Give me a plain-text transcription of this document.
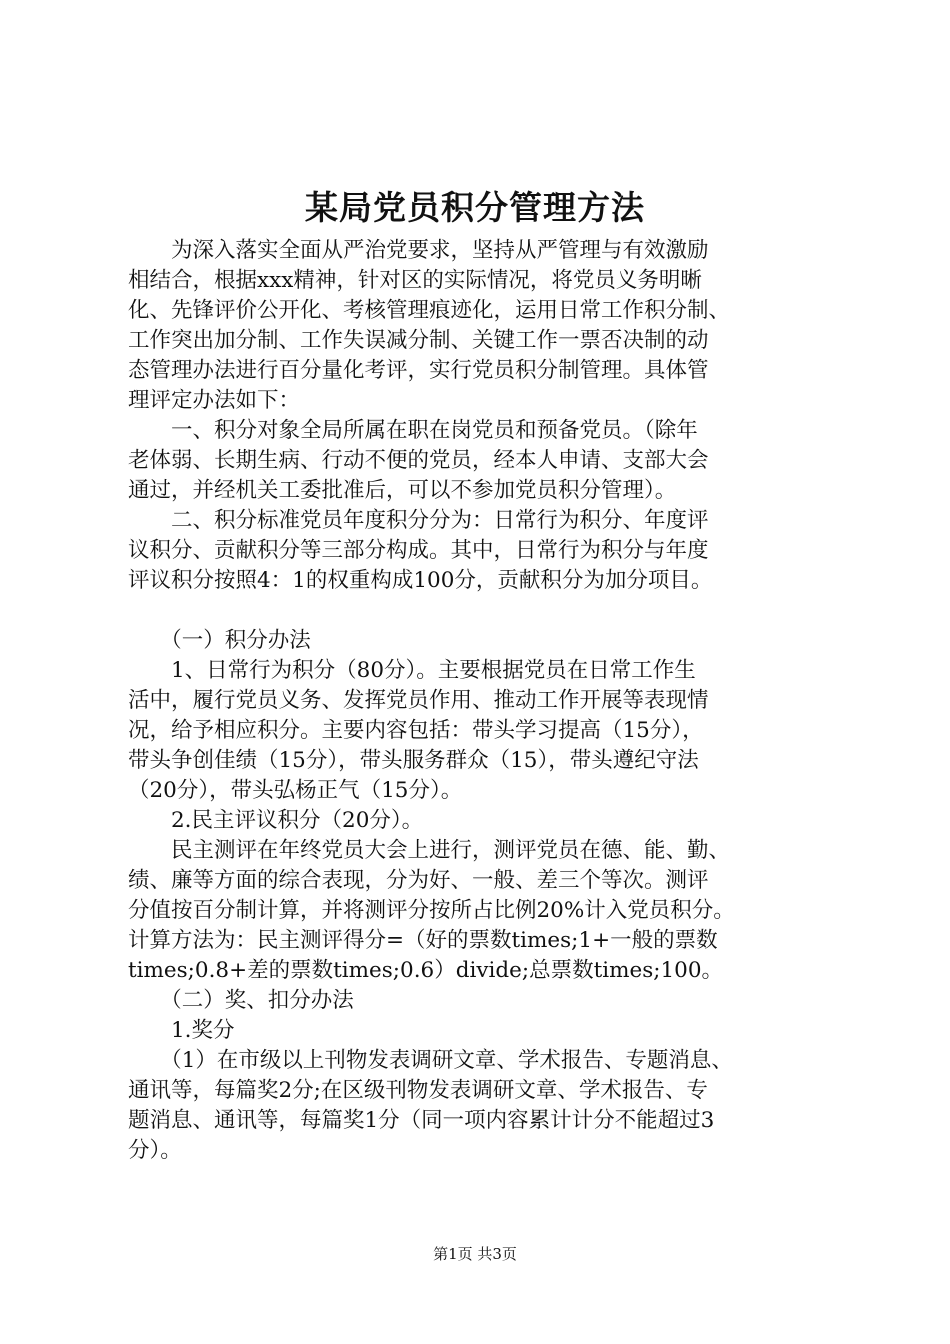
某局党员积分管理方法
　　为深入落实全面从严治党要求，坚持从严管理与有效激励
相结合，根据xxx精神，针对区的实际情况，将党员义务明晰
化、先锋评价公开化、考核管理痕迹化，运用日常工作积分制、
工作突出加分制、工作失误减分制、关键工作一票否决制的动
态管理办法进行百分量化考评，实行党员积分制管理。具体管
理评定办法如下：
　　一、积分对象全局所属在职在岗党员和预备党员。（除年
老体弱、长期生病、行动不便的党员，经本人申请、支部大会
通过，并经机关工委批准后，可以不参加党员积分管理）。
　　二、积分标准党员年度积分分为：日常行为积分、年度评
议积分、贡献积分等三部分构成。其中，日常行为积分与年度
评议积分按照4：1的权重构成100分，贡献积分为加分项目。
　　（一）积分办法
　　1、日常行为积分（80分）。主要根据党员在日常工作生
活中，履行党员义务、发挥党员作用、推动工作开展等表现情
况，给予相应积分。主要内容包括：带头学习提高（15分），
带头争创佳绩（15分），带头服务群众（15），带头遵纪守法
（20分），带头弘杨正气（15分）。
　　2.民主评议积分（20分）。
　　民主测评在年终党员大会上进行，测评党员在德、能、勤、
绩、廉等方面的综合表现，分为好、一般、差三个等次。测评
分值按百分制计算，并将测评分按所占比例20%计入党员积分。
计算方法为：民主测评得分=（好的票数times;1+一般的票数
times;0.8+差的票数times;0.6）divide;总票数times;100。
　　（二）奖、扣分办法
　　1.奖分
　　（1）在市级以上刊物发表调研文章、学术报告、专题消息、
通讯等，每篇奖2分;在区级刊物发表调研文章、学术报告、专
题消息、通讯等，每篇奖1分（同一项内容累计计分不能超过3
分）。
第1页 共3页
